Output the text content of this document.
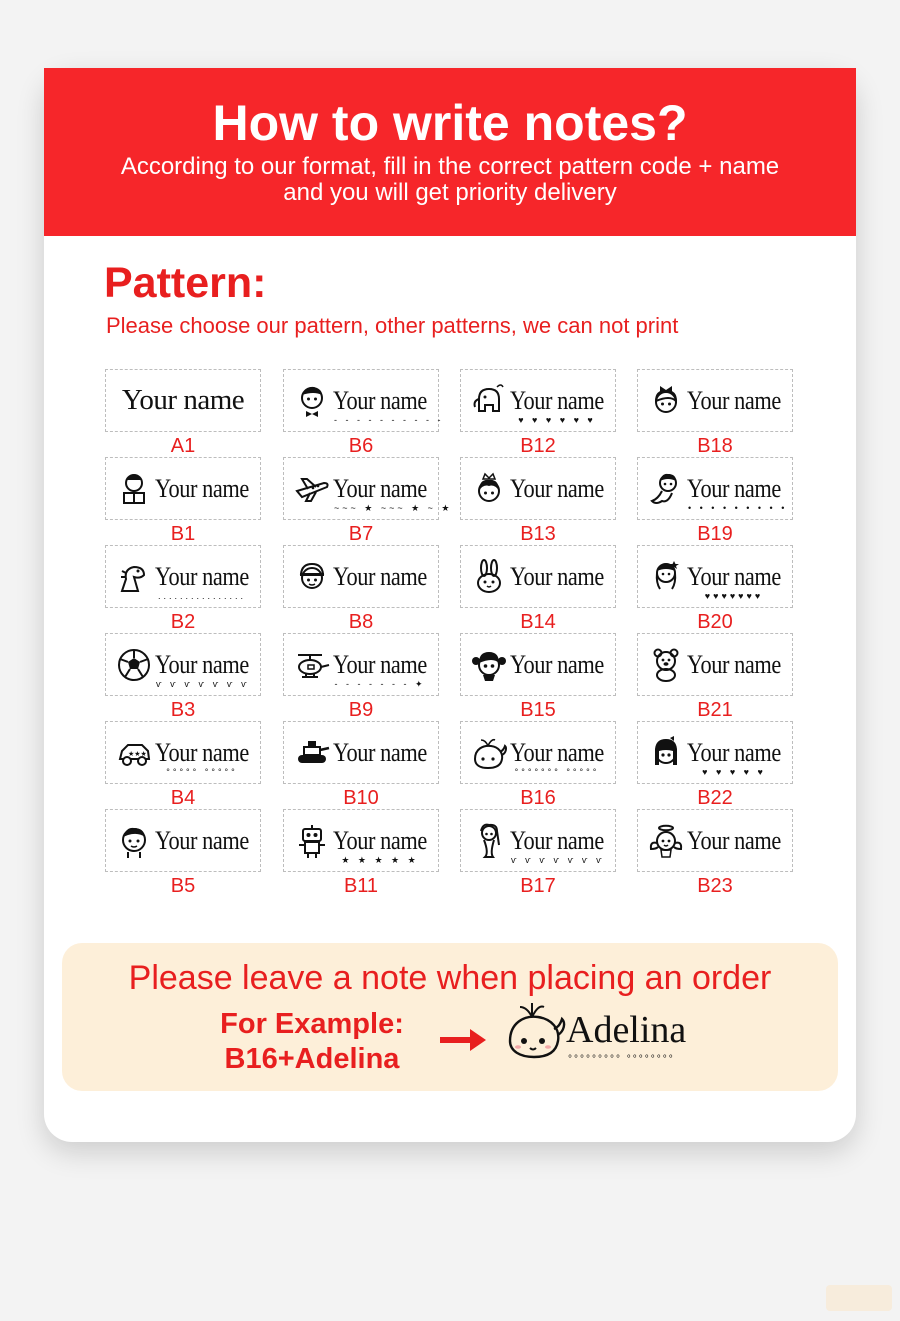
How to write notes?
According to our format, fill in the correct pattern code + name
and you will get priority delivery
Pattern:
Please choose our pattern, other patterns, we can not print
Your name
A1
Your name
B1
Your name
................
B2
Your name
ѵ ѵ ѵ ѵ ѵ ѵ ѵ
B3
★★★ Your name
°°°°° °°°°°
B4
Your name
B5
Your name
- - - - - - - - - -
B6
Your name
~~~ ★ ~~~ ★ ~ ★
B7
Your name
B8
Your name
- - - - - - - ✦
B9
Your name
B10
Your name
★ ★ ★ ★ ★
B11
Your name
♥ ♥ ♥ ♥ ♥ ♥
B12
Your name
B13
Your name
B14
Your name
B15
Your name
°°°°°°° °°°°°
B16
Your name
ѵ ѵ ѵ ѵ ѵ ѵ ѵ
B17
Your name
B18
Your name
• • • • • • • • •
B19
Your name
♥♥♥♥♥♥♥
B20
Your name
B21
Your name
♥ ♥ ♥ ♥ ♥
B22
Your name
B23
Please leave a note when placing an order
For Example:
B16+Adelina
Adelina
°°°°°°°°° °°°°°°°°
